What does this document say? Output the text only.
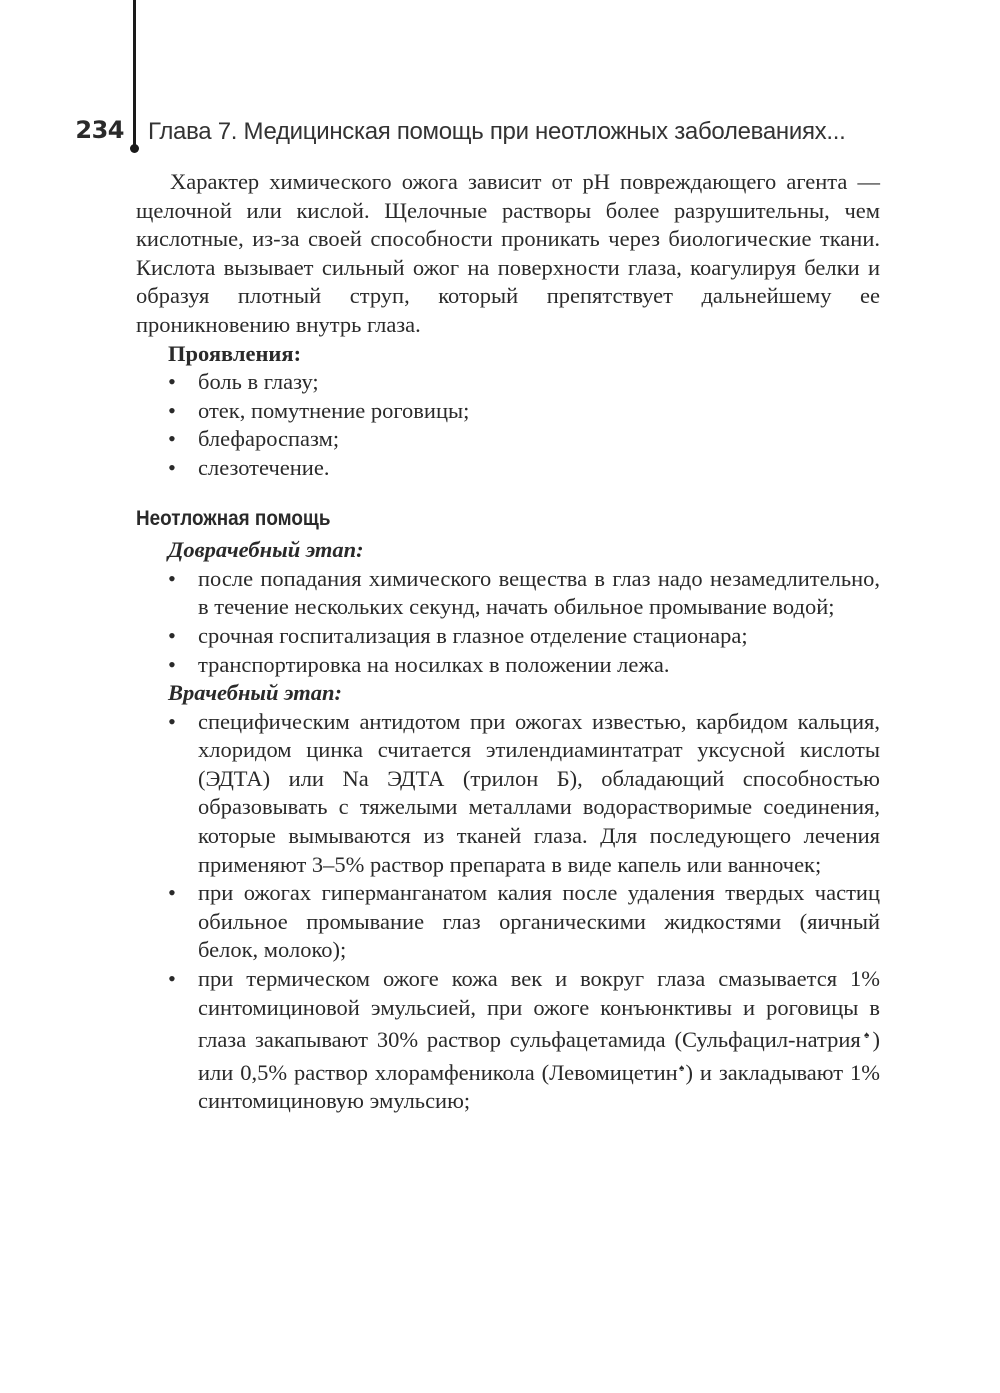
234 Глава 7. Медицинская помощь при неотложных заболеваниях...

Характер химического ожога зависит от рН повреждающего агента — щелочной или кислой. Щелочные растворы более разрушительны, чем кислотные, из-за своей способности проникать через биологические ткани. Кислота вызывает сильный ожог на поверхности глаза, коагулируя белки и образуя плотный струп, который препятствует дальнейшему ее проникновению внутрь глаза.

Проявления:
• боль в глазу;
• отек, помутнение роговицы;
• блефароспазм;
• слезотечение.
Неотложная помощь
Доврачебный этап:
• после попадания химического вещества в глаз надо незамедлительно, в течение нескольких секунд, начать обильное промывание водой;
• срочная госпитализация в глазное отделение стационара;
• транспортировка на носилках в положении лежа.
Врачебный этап:
• специфическим антидотом при ожогах известью, карбидом кальция, хлоридом цинка считается этилендиаминтатрат уксусной кислоты (ЭДТА) или Na ЭДТА (трилон Б), обладающий способностью образовывать с тяжелыми металлами водорастворимые соединения, которые вымываются из тканей глаза. Для последующего лечения применяют 3–5% раствор препарата в виде капель или ванночек;
• при ожогах гиперманганатом калия после удаления твердых частиц обильное промывание глаз органическими жидкостями (яичный белок, молоко);
• при термическом ожоге кожа век и вокруг глаза смазывается 1% синтомициновой эмульсией, при ожоге конъюнктивы и роговицы в глаза закапывают 30% раствор сульфацетамида (Сульфацил-натрия♠) или 0,5% раствор хлорамфеникола (Левомицетин♠) и закладывают 1% синтомициновую эмульсию;
